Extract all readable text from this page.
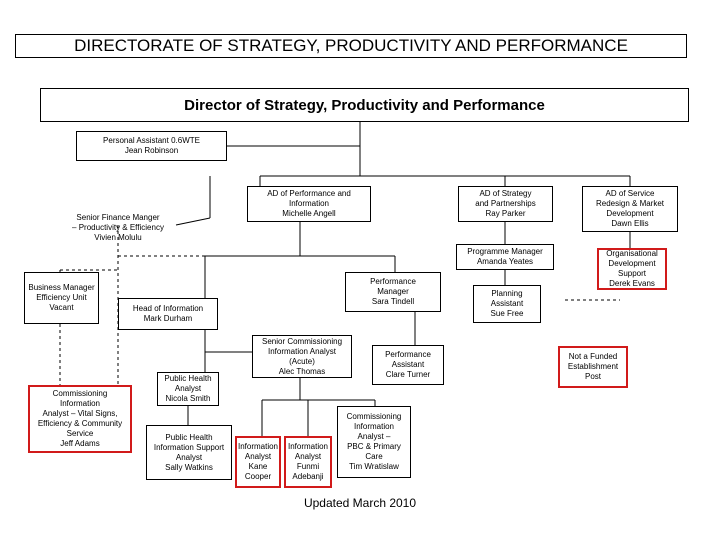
DIRECTORATE OF STRATEGY, PRODUCTIVITY AND PERFORMANCE
Director of Strategy, Productivity and Performance
Personal Assistant 0.6WTE
Jean Robinson
AD of Performance and
Information
Michelle Angell
AD of Strategy
and Partnerships
Ray Parker
AD of Service
Redesign & Market
Development
Dawn Ellis
Senior Finance Manger
– Productivity & Efficiency
Vivien Molulu
Programme Manager
Amanda Yeates
Organisational
Development
Support
Derek Evans
Business Manager
Efficiency Unit
Vacant
Performance
Manager
Sara Tindell
Planning
Assistant
Sue Free
Head of Information
Mark Durham
Senior Commissioning
Information Analyst
(Acute)
Alec Thomas
Performance
Assistant
Clare Turner
Not a Funded
Establishment
Post
Public Health
Analyst
Nicola Smith
Commissioning
Information
Analyst – Vital Signs,
Efficiency & Community
Service
Jeff Adams
Public Health
Information Support
Analyst
Sally Watkins
Information
Analyst
Kane
Cooper
Information
Analyst
Funmi
Adebanji
Commissioning
Information
Analyst –
PBC & Primary
Care
Tim Wratislaw
Updated March 2010
